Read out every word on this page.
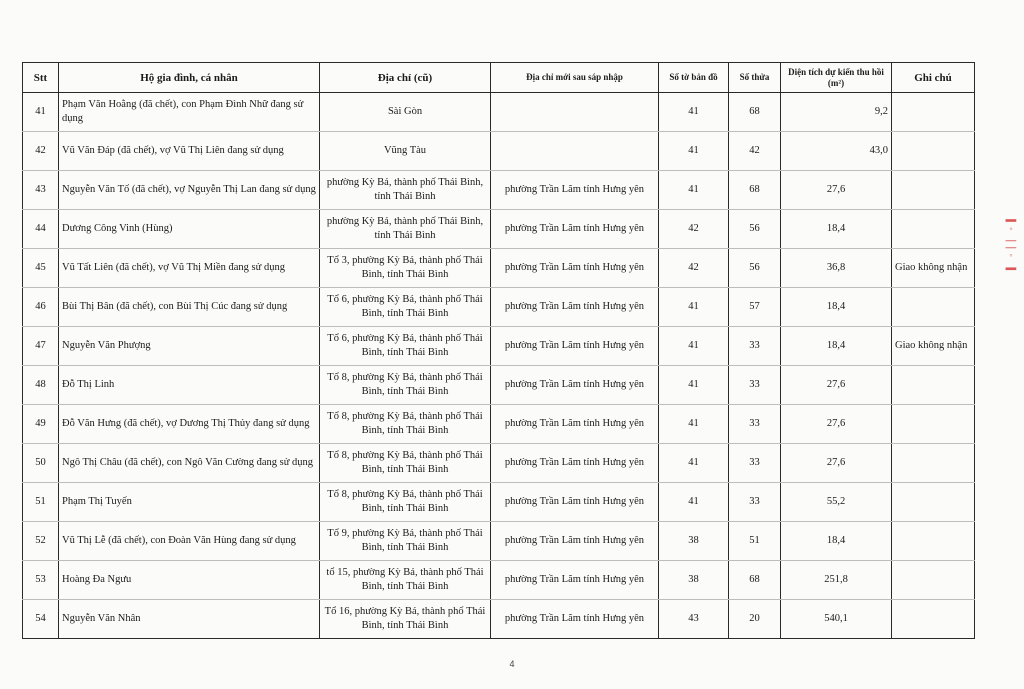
Stt	Hộ gia đình, cá nhân	Địa chỉ (cũ)	Địa chỉ mới sau sáp nhập	Số tờ bản đồ	Số thửa	Diện tích dự kiến thu hồi (m²)	Ghi chú
41	Phạm Văn Hoằng (đã chết), con Phạm Đình Nhữ đang sử dụng	Sài Gòn		41	68	9,2	
42	Vũ Văn Đáp (đã chết), vợ Vũ Thị Liên đang sử dụng	Vũng Tàu		41	42	43,0	
43	Nguyễn Văn Tố (đã chết), vợ Nguyễn Thị Lan đang sử dụng	phường Kỳ Bá, thành phố Thái Bình, tỉnh Thái Bình	phường Trần Lãm tỉnh Hưng yên	41	68	27,6	
44	Dương Công Vinh (Hùng)	phường Kỳ Bá, thành phố Thái Bình, tỉnh Thái Bình	phường Trần Lãm tỉnh Hưng yên	42	56	18,4	
45	Vũ Tất Liên (đã chết), vợ Vũ Thị Miền đang sử dụng	Tổ 3, phường Kỳ Bá, thành phố Thái Bình, tỉnh Thái Bình	phường Trần Lãm tỉnh Hưng yên	42	56	36,8	Giao không nhận
46	Bùi Thị Bân (đã chết), con Bùi Thị Cúc đang sử dụng	Tổ 6, phường Kỳ Bá, thành phố Thái Bình, tỉnh Thái Bình	phường Trần Lãm tỉnh Hưng yên	41	57	18,4	
47	Nguyễn Văn Phượng	Tổ 6, phường Kỳ Bá, thành phố Thái Bình, tỉnh Thái Bình	phường Trần Lãm tỉnh Hưng yên	41	33	18,4	Giao không nhận
48	Đỗ Thị Linh	Tổ 8, phường Kỳ Bá, thành phố Thái Bình, tỉnh Thái Bình	phường Trần Lãm tỉnh Hưng yên	41	33	27,6	
49	Đỗ Văn Hưng (đã chết), vợ Dương Thị Thủy đang sử dụng	Tổ 8, phường Kỳ Bá, thành phố Thái Bình, tỉnh Thái Bình	phường Trần Lãm tỉnh Hưng yên	41	33	27,6	
50	Ngô Thị Châu (đã chết), con Ngô Văn Cường đang sử dụng	Tổ 8, phường Kỳ Bá, thành phố Thái Bình, tỉnh Thái Bình	phường Trần Lãm tỉnh Hưng yên	41	33	27,6	
51	Phạm Thị Tuyến	Tổ 8, phường Kỳ Bá, thành phố Thái Bình, tỉnh Thái Bình	phường Trần Lãm tỉnh Hưng yên	41	33	55,2	
52	Vũ Thị Lễ (đã chết), con Đoàn Văn Hùng đang sử dụng	Tổ 9, phường Kỳ Bá, thành phố Thái Bình, tỉnh Thái Bình	phường Trần Lãm tỉnh Hưng yên	38	51	18,4	
53	Hoàng Đa Ngưu	tổ 15, phường Kỳ Bá, thành phố Thái Bình, tỉnh Thái Bình	phường Trần Lãm tỉnh Hưng yên	38	68	251,8	
54	Nguyễn Văn Nhân	Tổ 16, phường Kỳ Bá, thành phố Thái Bình, tỉnh Thái Bình	phường Trần Lãm tỉnh Hưng yên	43	20	540,1	
4
▍ ◦ ▏▏◦ ▍
